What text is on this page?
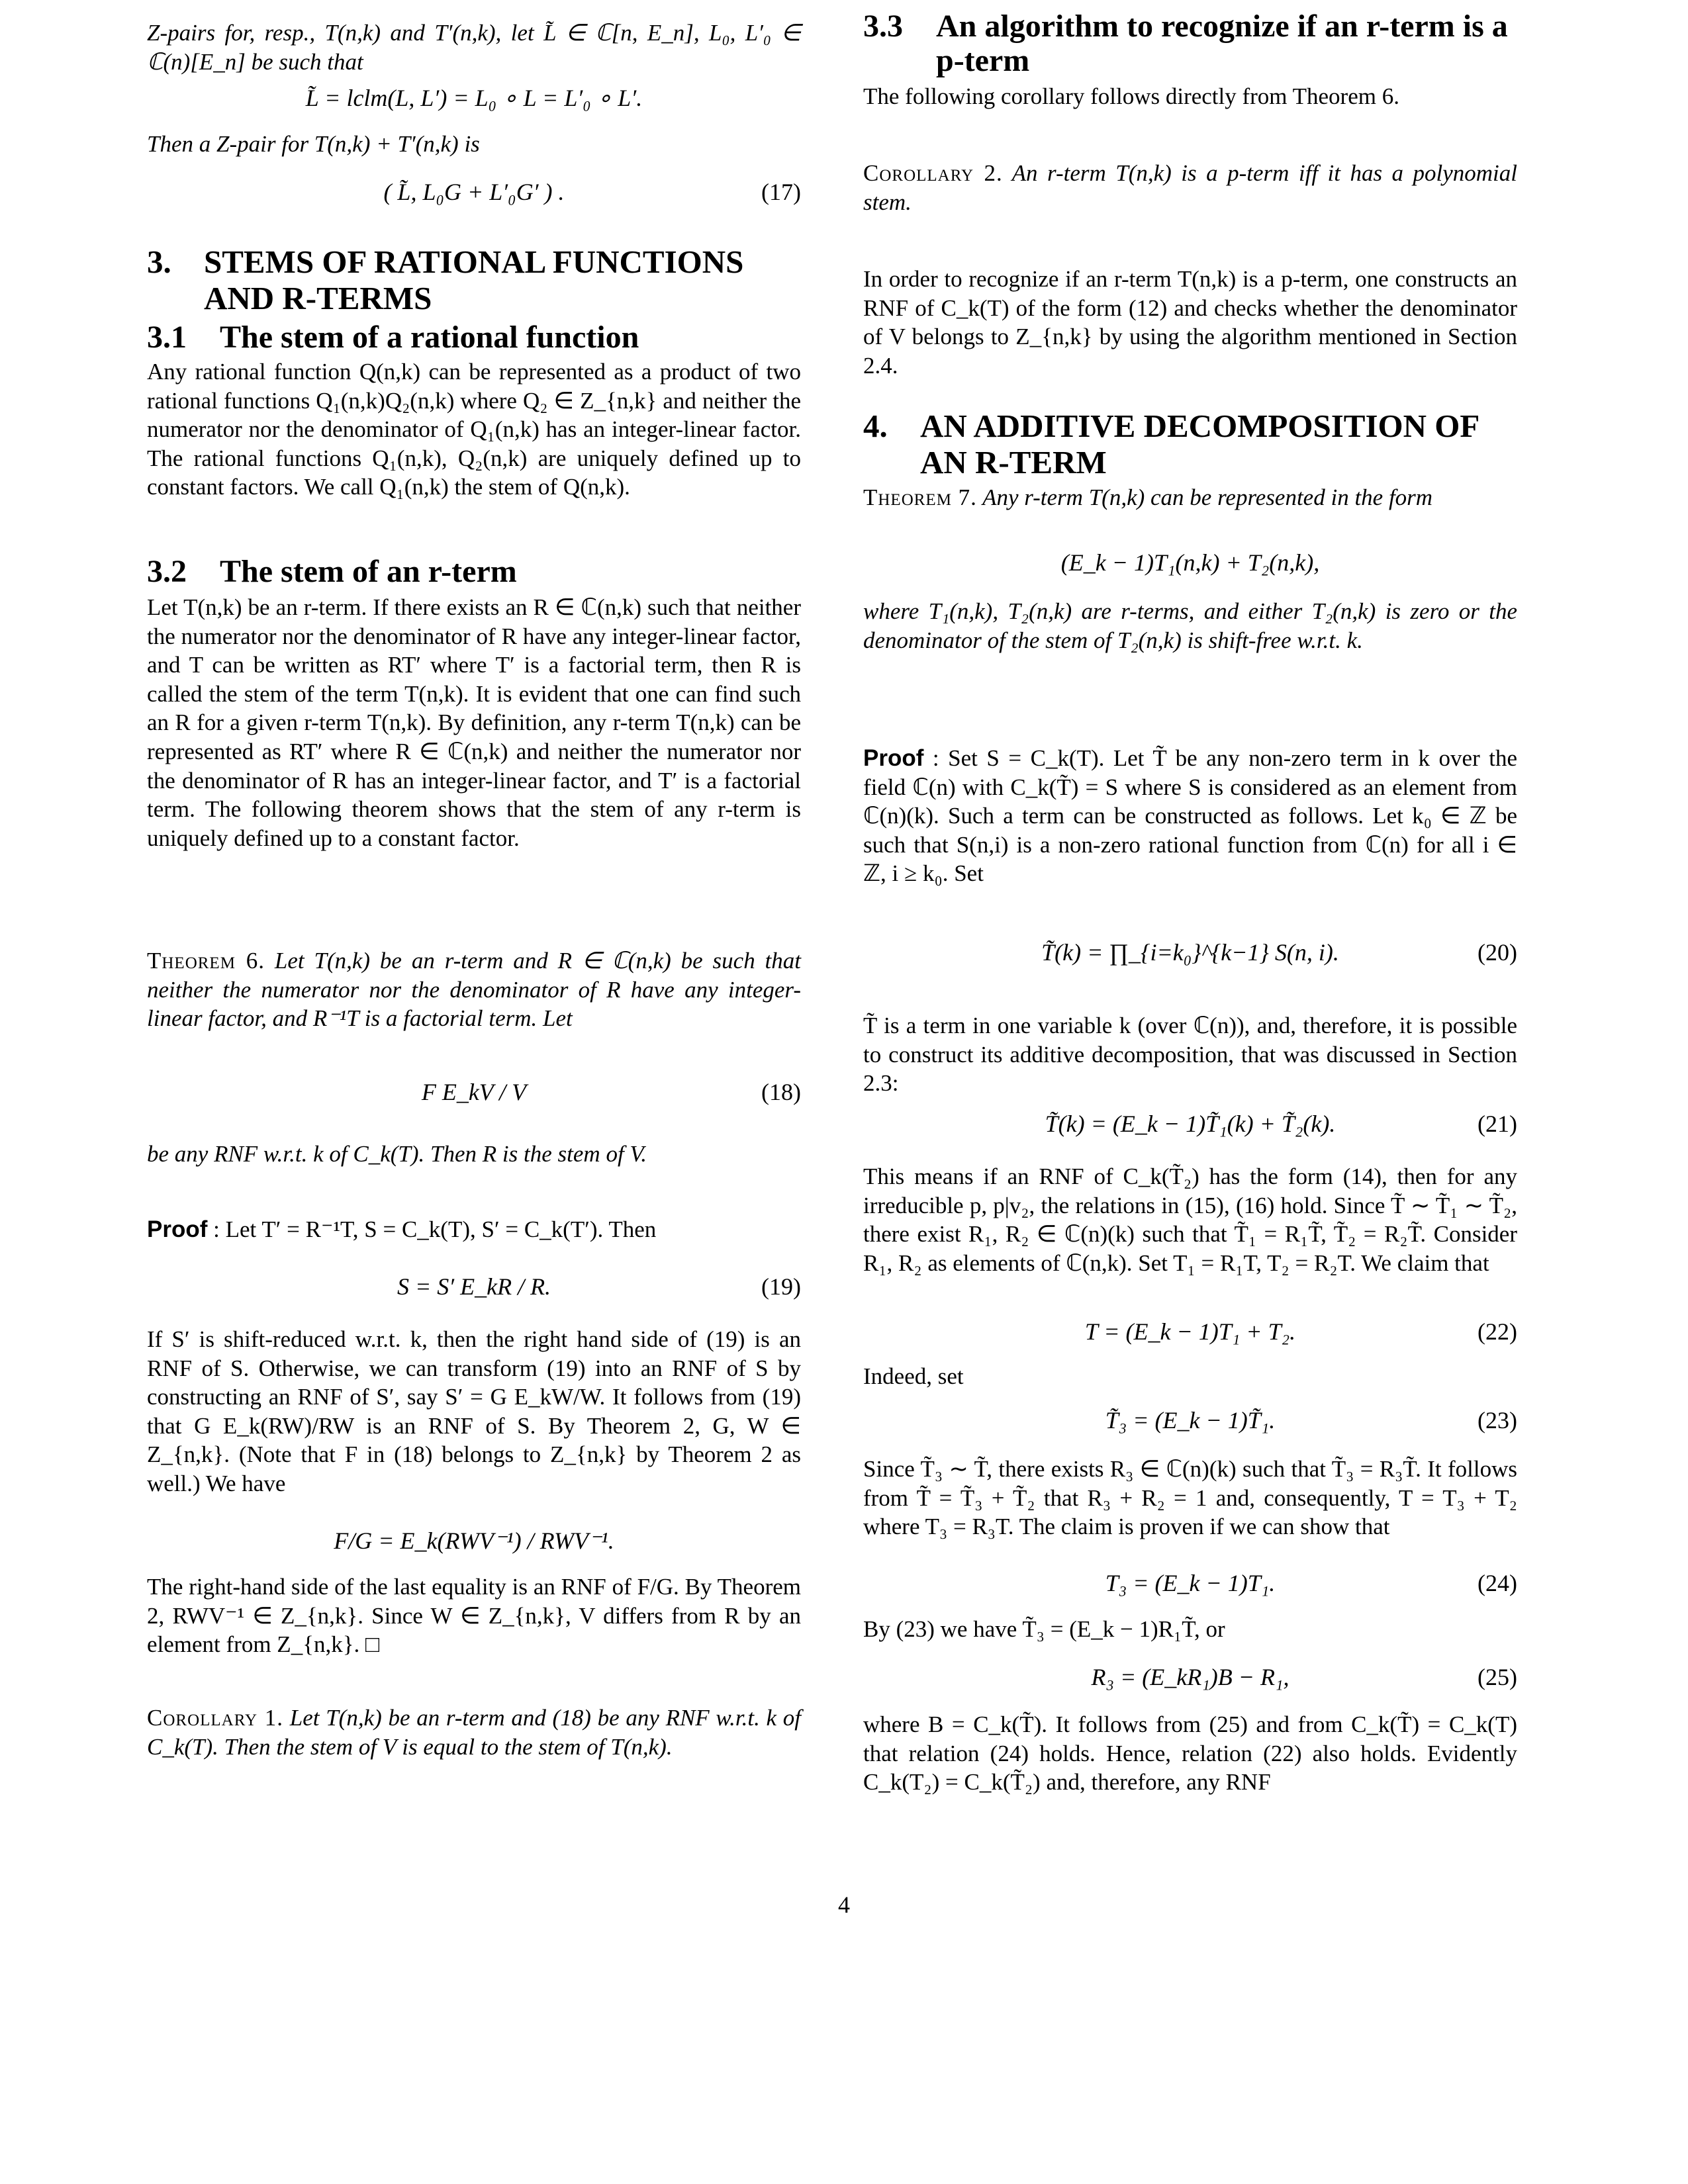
Z-pairs for, resp., T(n,k) and T′(n,k), let L̃ ∈ ℂ[n, E_n], L₀, L′₀ ∈ ℂ(n)[E_n] be such that

L̃ = lclm(L, L′) = L₀ ∘ L = L′₀ ∘ L′.

Then a Z-pair for T(n,k) + T′(n,k) is

( L̃, L₀G + L′₀G′ ) .	(17)
3. STEMS OF RATIONAL FUNCTIONS AND R-TERMS
3.1 The stem of a rational function

Any rational function Q(n,k) can be represented as a product of two rational functions Q₁(n,k)Q₂(n,k) where Q₂ ∈ Z_{n,k} and neither the numerator nor the denominator of Q₁(n,k) has an integer-linear factor. The rational functions Q₁(n,k), Q₂(n,k) are uniquely defined up to constant factors. We call Q₁(n,k) the stem of Q(n,k).

3.2 The stem of an r-term

Let T(n,k) be an r-term. If there exists an R ∈ ℂ(n,k) such that neither the numerator nor the denominator of R have any integer-linear factor, and T can be written as RT′ where T′ is a factorial term, then R is called the stem of the term T(n,k). It is evident that one can find such an R for a given r-term T(n,k). By definition, any r-term T(n,k) can be represented as RT′ where R ∈ ℂ(n,k) and neither the numerator nor the denominator of R has an integer-linear factor, and T′ is a factorial term. The following theorem shows that the stem of any r-term is uniquely defined up to a constant factor.

Theorem 6. Let T(n,k) be an r-term and R ∈ ℂ(n,k) be such that neither the numerator nor the denominator of R have any integer-linear factor, and R⁻¹T is a factorial term. Let

F E_kV / V	(18)

be any RNF w.r.t. k of C_k(T). Then R is the stem of V.

Proof : Let T′ = R⁻¹T, S = C_k(T), S′ = C_k(T′). Then

S = S′ E_kR / R.	(19)

If S′ is shift-reduced w.r.t. k, then the right hand side of (19) is an RNF of S. Otherwise, we can transform (19) into an RNF of S by constructing an RNF of S′, say S′ = G E_kW/W. It follows from (19) that G E_k(RW)/RW is an RNF of S. By Theorem 2, G, W ∈ Z_{n,k}. (Note that F in (18) belongs to Z_{n,k} by Theorem 2 as well.) We have

F/G = E_k(RWV⁻¹) / RWV⁻¹.

The right-hand side of the last equality is an RNF of F/G. By Theorem 2, RWV⁻¹ ∈ Z_{n,k}. Since W ∈ Z_{n,k}, V differs from R by an element from Z_{n,k}. □

Corollary 1. Let T(n,k) be an r-term and (18) be any RNF w.r.t. k of C_k(T). Then the stem of V is equal to the stem of T(n,k).

3.3	An algorithm to recognize if an r-term is a p-term

The following corollary follows directly from Theorem 6.

Corollary 2. An r-term T(n,k) is a p-term iff it has a polynomial stem.

In order to recognize if an r-term T(n,k) is a p-term, one constructs an RNF of C_k(T) of the form (12) and checks whether the denominator of V belongs to Z_{n,k} by using the algorithm mentioned in Section 2.4.

4.	AN ADDITIVE DECOMPOSITION OF AN R-TERM

Theorem 7. Any r-term T(n,k) can be represented in the form

(E_k − 1)T₁(n,k) + T₂(n,k),

where T₁(n,k), T₂(n,k) are r-terms, and either T₂(n,k) is zero or the denominator of the stem of T₂(n,k) is shift-free w.r.t. k.

Proof : Set S = C_k(T). Let T̃ be any non-zero term in k over the field ℂ(n) with C_k(T̃) = S where S is considered as an element from ℂ(n)(k). Such a term can be constructed as follows. Let k₀ ∈ ℤ be such that S(n,i) is a non-zero rational function from ℂ(n) for all i ∈ ℤ, i ≥ k₀. Set

T̃(k) = ∏_{i=k₀}^{k−1} S(n, i).	(20)

T̃ is a term in one variable k (over ℂ(n)), and, therefore, it is possible to construct its additive decomposition, that was discussed in Section 2.3:

T̃(k) = (E_k − 1)T̃₁(k) + T̃₂(k).	(21)

This means if an RNF of C_k(T̃₂) has the form (14), then for any irreducible p, p|v₂, the relations in (15), (16) hold. Since T̃ ∼ T̃₁ ∼ T̃₂, there exist R₁, R₂ ∈ ℂ(n)(k) such that T̃₁ = R₁T̃, T̃₂ = R₂T̃. Consider R₁, R₂ as elements of ℂ(n,k). Set T₁ = R₁T, T₂ = R₂T. We claim that

T = (E_k − 1)T₁ + T₂.	(22)

Indeed, set

T̃₃ = (E_k − 1)T̃₁.	(23)

Since T̃₃ ∼ T̃, there exists R₃ ∈ ℂ(n)(k) such that T̃₃ = R₃T̃. It follows from T̃ = T̃₃ + T̃₂ that R₃ + R₂ = 1 and, consequently, T = T₃ + T₂ where T₃ = R₃T. The claim is proven if we can show that

T₃ = (E_k − 1)T₁.	(24)

By (23) we have T̃₃ = (E_k − 1)R₁T̃, or

R₃ = (E_kR₁)B − R₁,	(25)

where B = C_k(T̃). It follows from (25) and from C_k(T̃) = C_k(T) that relation (24) holds. Hence, relation (22) also holds. Evidently C_k(T₂) = C_k(T̃₂) and, therefore, any RNF

4
